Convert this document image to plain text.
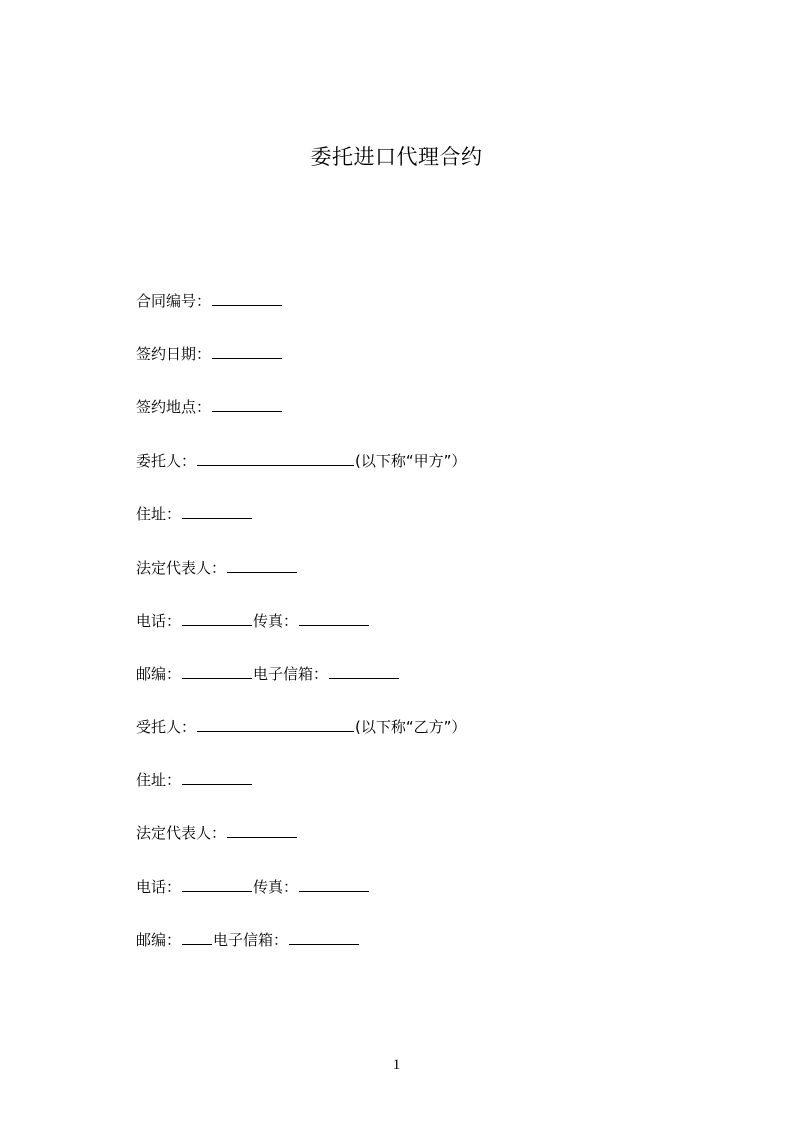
委托进口代理合约
合同编号：
签约日期：
签约地点：
委托人：	(以下称“甲方”）
住址：
法定代表人：
电话：	传真：
邮编：	电子信箱：
受托人：	(以下称“乙方”）
住址：
法定代表人：
电话：	传真：
邮编： 电子信箱：
1
